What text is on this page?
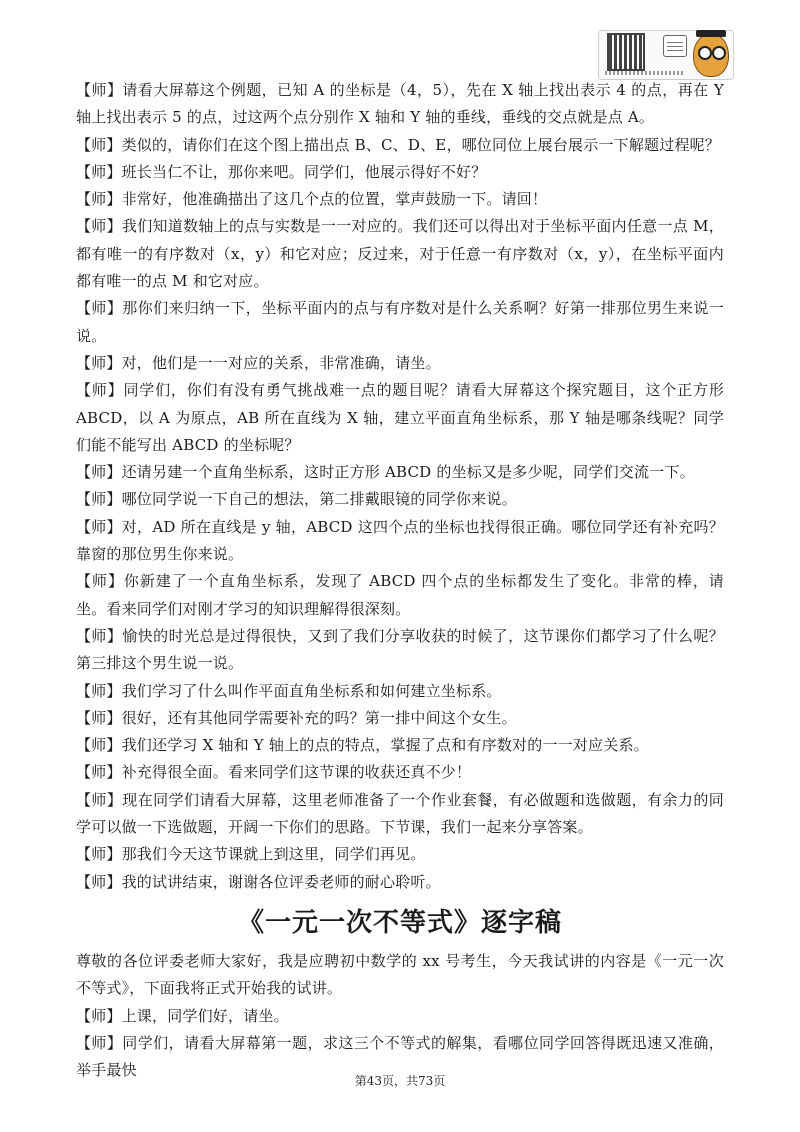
【师】请看大屏幕这个例题，已知 A 的坐标是（4，5），先在 X 轴上找出表示 4 的点，再在 Y 轴上找出表示 5 的点，过这两个点分别作 X 轴和 Y 轴的垂线，垂线的交点就是点 A。

【师】类似的，请你们在这个图上描出点 B、C、D、E，哪位同位上展台展示一下解题过程呢？

【师】班长当仁不让，那你来吧。同学们，他展示得好不好？

【师】非常好，他准确描出了这几个点的位置，掌声鼓励一下。请回！

【师】我们知道数轴上的点与实数是一一对应的。我们还可以得出对于坐标平面内任意一点 M，都有唯一的有序数对（x，y）和它对应；反过来，对于任意一有序数对（x，y），在坐标平面内都有唯一的点 M 和它对应。

【师】那你们来归纳一下，坐标平面内的点与有序数对是什么关系啊？好第一排那位男生来说一说。

【师】对，他们是一一对应的关系，非常准确，请坐。

【师】同学们，你们有没有勇气挑战难一点的题目呢？请看大屏幕这个探究题目，这个正方形 ABCD，以 A 为原点，AB 所在直线为 X 轴，建立平面直角坐标系，那 Y 轴是哪条线呢？同学们能不能写出 ABCD 的坐标呢？

【师】还请另建一个直角坐标系，这时正方形 ABCD 的坐标又是多少呢，同学们交流一下。

【师】哪位同学说一下自己的想法，第二排戴眼镜的同学你来说。

【师】对，AD 所在直线是 y 轴，ABCD 这四个点的坐标也找得很正确。哪位同学还有补充吗？靠窗的那位男生你来说。

【师】你新建了一个直角坐标系，发现了 ABCD 四个点的坐标都发生了变化。非常的棒，请坐。看来同学们对刚才学习的知识理解得很深刻。

【师】愉快的时光总是过得很快，又到了我们分享收获的时候了，这节课你们都学习了什么呢？第三排这个男生说一说。

【师】我们学习了什么叫作平面直角坐标系和如何建立坐标系。

【师】很好，还有其他同学需要补充的吗？第一排中间这个女生。

【师】我们还学习 X 轴和 Y 轴上的点的特点，掌握了点和有序数对的一一对应关系。

【师】补充得很全面。看来同学们这节课的收获还真不少！

【师】现在同学们请看大屏幕，这里老师准备了一个作业套餐，有必做题和选做题，有余力的同学可以做一下选做题，开阔一下你们的思路。下节课，我们一起来分享答案。

【师】那我们今天这节课就上到这里，同学们再见。

【师】我的试讲结束，谢谢各位评委老师的耐心聆听。

《一元一次不等式》逐字稿

尊敬的各位评委老师大家好，我是应聘初中数学的 xx 号考生，今天我试讲的内容是《一元一次不等式》，下面我将正式开始我的试讲。

【师】上课，同学们好，请坐。

【师】同学们，请看大屏幕第一题，求这三个不等式的解集，看哪位同学回答得既迅速又准确，举手最快

第43页，共73页
